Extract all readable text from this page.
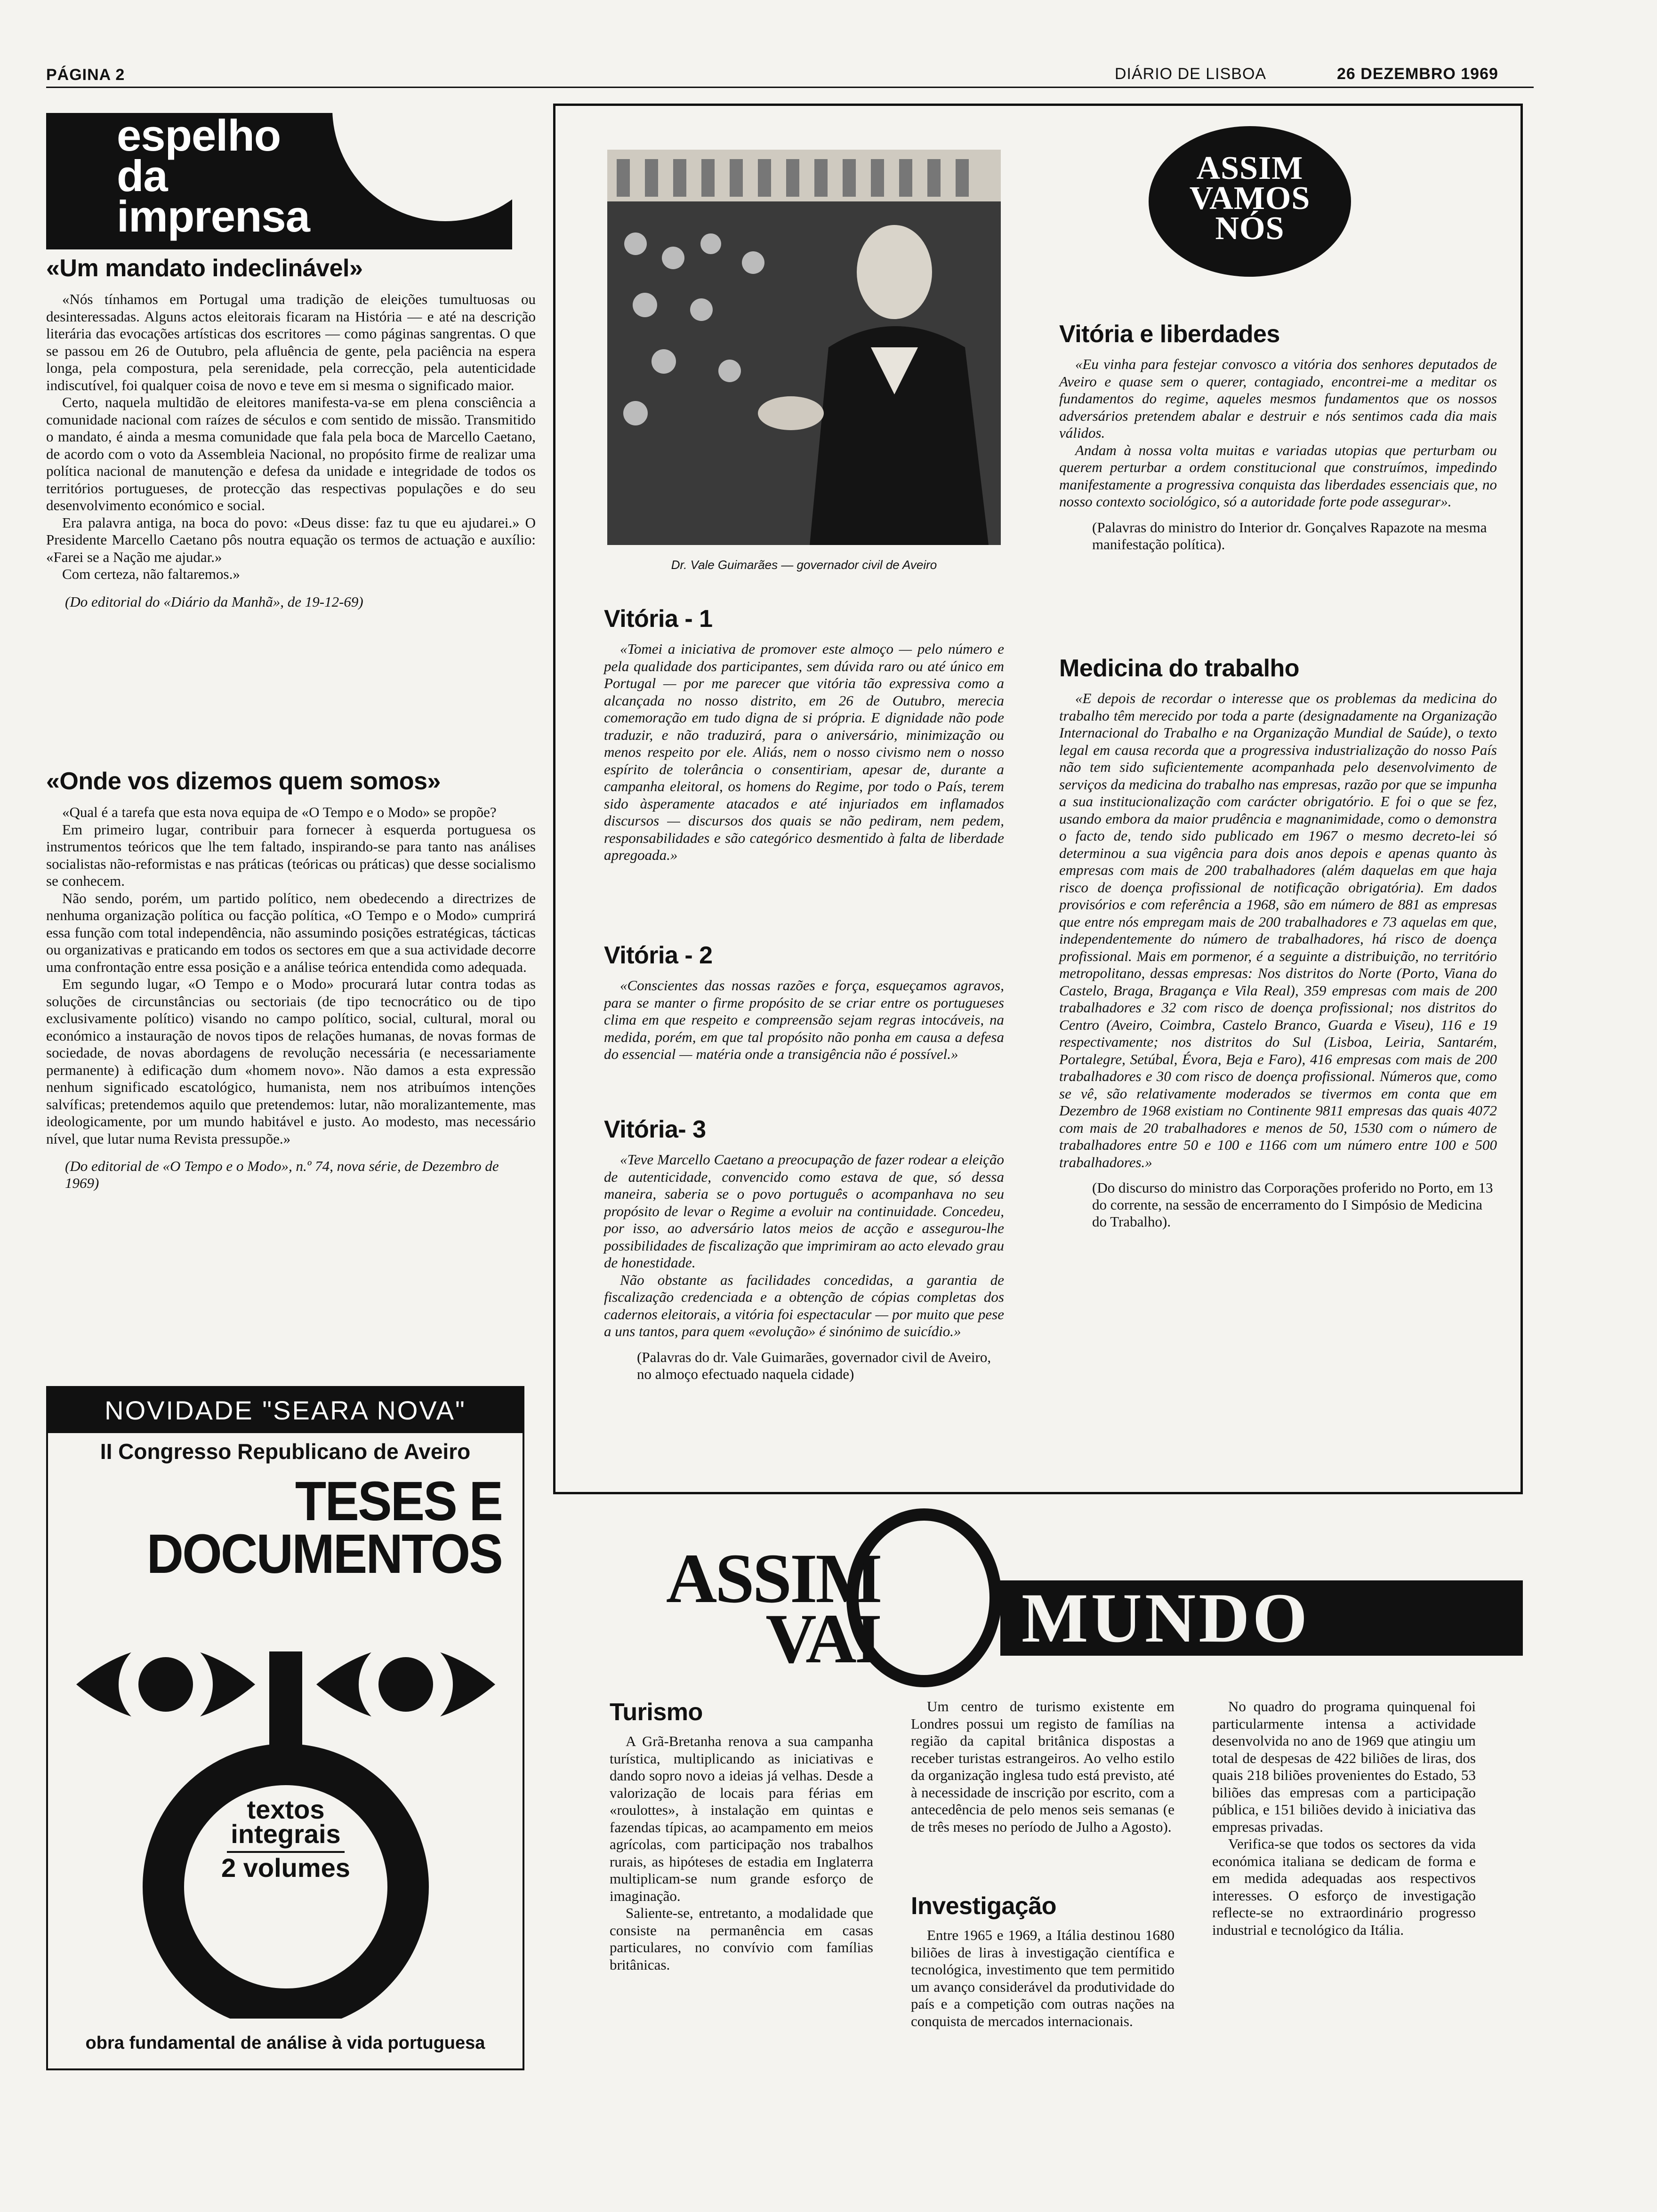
PÁGINA 2	DIÁRIO DE LISBOA	26 DEZEMBRO 1969
espelho
da
imprensa
«Um mandato indeclinável»

«Nós tínhamos em Portugal uma tradição de eleições tumultuosas ou desinteressadas. Alguns actos eleitorais ficaram na História — e até na descrição literária das evocações artísticas dos escritores — como páginas sangrentas. O que se passou em 26 de Outubro, pela afluência de gente, pela paciência na espera longa, pela compostura, pela serenidade, pela correcção, pela autenticidade indiscutível, foi qualquer coisa de novo e teve em si mesma o significado maior.

Certo, naquela multidão de eleitores manifesta-va-se em plena consciência a comunidade nacional com raízes de séculos e com sentido de missão. Transmitido o mandato, é ainda a mesma comunidade que fala pela boca de Marcello Caetano, de acordo com o voto da Assembleia Nacional, no propósito firme de realizar uma política nacional de manutenção e defesa da unidade e integridade de todos os territórios portugueses, de protecção das respectivas populações e do seu desenvolvimento económico e social.

Era palavra antiga, na boca do povo: «Deus disse: faz tu que eu ajudarei.» O Presidente Marcello Caetano pôs noutra equação os termos de actuação e auxílio: «Farei se a Nação me ajudar.»

Com certeza, não faltaremos.»

(Do editorial do «Diário da Manhã», de 19-12-69)
«Onde vos dizemos quem somos»

«Qual é a tarefa que esta nova equipa de «O Tempo e o Modo» se propõe?

Em primeiro lugar, contribuir para fornecer à esquerda portuguesa os instrumentos teóricos que lhe tem faltado, inspirando-se para tanto nas análises socialistas não-reformistas e nas práticas (teóricas ou práticas) que desse socialismo se conhecem.

Não sendo, porém, um partido político, nem obedecendo a directrizes de nenhuma organização política ou facção política, «O Tempo e o Modo» cumprirá essa função com total independência, não assumindo posições estratégicas, tácticas ou organizativas e praticando em todos os sectores em que a sua actividade decorre uma confrontação entre essa posição e a análise teórica entendida como adequada.

Em segundo lugar, «O Tempo e o Modo» procurará lutar contra todas as soluções de circunstâncias ou sectoriais (de tipo tecnocrático ou de tipo exclusivamente político) visando no campo político, social, cultural, moral ou económico a instauração de novos tipos de relações humanas, de novas formas de sociedade, de novas abordagens de revolução necessária (e necessariamente permanente) à edificação dum «homem novo». Não damos a esta expressão nenhum significado escatológico, humanista, nem nos atribuímos intenções salvíficas; pretendemos aquilo que pretendemos: lutar, não moralizantemente, mas ideologicamente, por um mundo habitável e justo. Ao modesto, mas necessário nível, que lutar numa Revista pressupõe.»

(Do editorial de «O Tempo e o Modo», n.º 74, nova série, de Dezembro de 1969)
NOVIDADE "SEARA NOVA"
II Congresso Republicano de Aveiro
TESES E
DOCUMENTOS
textos
integrais
2 volumes
obra fundamental de análise à vida portuguesa
Dr. Vale Guimarães — governador civil de Aveiro
Vitória - 1

«Tomei a iniciativa de promover este almoço — pelo número e pela qualidade dos participantes, sem dúvida raro ou até único em Portugal — por me parecer que vitória tão expressiva como a alcançada no nosso distrito, em 26 de Outubro, merecia comemoração em tudo digna de si própria. E dignidade não pode traduzir, e não traduzirá, para o aniversário, minimização ou menos respeito por ele. Aliás, nem o nosso civismo nem o nosso espírito de tolerância o consentiriam, apesar de, durante a campanha eleitoral, os homens do Regime, por todo o País, terem sido àsperamente atacados e até injuriados em inflamados discursos — discursos dos quais se não pediram, nem pedem, responsabilidades e são categórico desmentido à falta de liberdade apregoada.»

Vitória - 2

«Conscientes das nossas razões e força, esqueçamos agravos, para se manter o firme propósito de se criar entre os portugueses clima em que respeito e compreensão sejam regras intocáveis, na medida, porém, em que tal propósito não ponha em causa a defesa do essencial — matéria onde a transigência não é possível.»

Vitória- 3

«Teve Marcello Caetano a preocupação de fazer rodear a eleição de autenticidade, convencido como estava de que, só dessa maneira, saberia se o povo português o acompanhava no seu propósito de levar o Regime a evoluir na continuidade. Concedeu, por isso, ao adversário latos meios de acção e assegurou-lhe possibilidades de fiscalização que imprimiram ao acto elevado grau de honestidade.

Não obstante as facilidades concedidas, a garantia de fiscalização credenciada e a obtenção de cópias completas dos cadernos eleitorais, a vitória foi espectacular — por muito que pese a uns tantos, para quem «evolução» é sinónimo de suicídio.»

(Palavras do dr. Vale Guimarães, governador civil de Aveiro, no almoço efectuado naquela cidade)
ASSIM
VAMOS
NÓS
Vitória e liberdades

«Eu vinha para festejar convosco a vitória dos senhores deputados de Aveiro e quase sem o querer, contagiado, encontrei-me a meditar os fundamentos do regime, aqueles mesmos fundamentos que os nossos adversários pretendem abalar e destruir e nós sentimos cada dia mais válidos.

Andam à nossa volta muitas e variadas utopias que perturbam ou querem perturbar a ordem constitucional que construímos, impedindo manifestamente a progressiva conquista das liberdades essenciais que, no nosso contexto sociológico, só a autoridade forte pode assegurar».

(Palavras do ministro do Interior dr. Gonçalves Rapazote na mesma manifestação política).
Medicina do trabalho

«E depois de recordar o interesse que os problemas da medicina do trabalho têm merecido por toda a parte (designadamente na Organização Internacional do Trabalho e na Organização Mundial de Saúde), o texto legal em causa recorda que a progressiva industrialização do nosso País não tem sido suficientemente acompanhada pelo desenvolvimento de serviços da medicina do trabalho nas empresas, razão por que se impunha a sua institucionalização com carácter obrigatório. E foi o que se fez, usando embora da maior prudência e magnanimidade, como o demonstra o facto de, tendo sido publicado em 1967 o mesmo decreto-lei só determinou a sua vigência para dois anos depois e apenas quanto às empresas com mais de 200 trabalhadores (além daquelas em que haja risco de doença profissional de notificação obrigatória). Em dados provisórios e com referência a 1968, são em número de 881 as empresas que entre nós empregam mais de 200 trabalhadores e 73 aquelas em que, independentemente do número de trabalhadores, há risco de doença profissional. Mais em pormenor, é a seguinte a distribuição, no território metropolitano, dessas empresas: Nos distritos do Norte (Porto, Viana do Castelo, Braga, Bragança e Vila Real), 359 empresas com mais de 200 trabalhadores e 32 com risco de doença profissional; nos distritos do Centro (Aveiro, Coimbra, Castelo Branco, Guarda e Viseu), 116 e 19 respectivamente; nos distritos do Sul (Lisboa, Leiria, Santarém, Portalegre, Setúbal, Évora, Beja e Faro), 416 empresas com mais de 200 trabalhadores e 30 com risco de doença profissional. Números que, como se vê, são relativamente moderados se tivermos em conta que em Dezembro de 1968 existiam no Continente 9811 empresas das quais 4072 com mais de 20 trabalhadores e menos de 50, 1530 com o número de trabalhadores entre 50 e 100 e 1166 com um número entre 100 e 500 trabalhadores.»

(Do discurso do ministro das Corporações proferido no Porto, em 13 do corrente, na sessão de encerramento do I Simpósio de Medicina do Trabalho).
ASSIM
VAI MUNDO
Turismo

A Grã-Bretanha renova a sua campanha turística, multiplicando as iniciativas e dando sopro novo a ideias já velhas. Desde a valorização de locais para férias em «roulottes», à instalação em quintas e fazendas típicas, ao acampamento em meios agrícolas, com participação nos trabalhos rurais, as hipóteses de estadia em Inglaterra multiplicam-se num grande esforço de imaginação.

Saliente-se, entretanto, a modalidade que consiste na permanência em casas particulares, no convívio com famílias britânicas.

Um centro de turismo existente em Londres possui um registo de famílias na região da capital britânica dispostas a receber turistas estrangeiros. Ao velho estilo da organização inglesa tudo está previsto, até à necessidade de inscrição por escrito, com a antecedência de pelo menos seis semanas (e de três meses no período de Julho a Agosto).

Investigação

Entre 1965 e 1969, a Itália destinou 1680 biliões de liras à investigação científica e tecnológica, investimento que tem permitido um avanço considerável da produtividade do país e a competição com outras nações na conquista de mercados internacionais.

No quadro do programa quinquenal foi particularmente intensa a actividade desenvolvida no ano de 1969 que atingiu um total de despesas de 422 biliões de liras, dos quais 218 biliões provenientes do Estado, 53 biliões das empresas com a participação pública, e 151 biliões devido à iniciativa das empresas privadas.

Verifica-se que todos os sectores da vida económica italiana se dedicam de forma e em medida adequadas aos respectivos interesses. O esforço de investigação reflecte-se no extraordinário progresso industrial e tecnológico da Itália.
